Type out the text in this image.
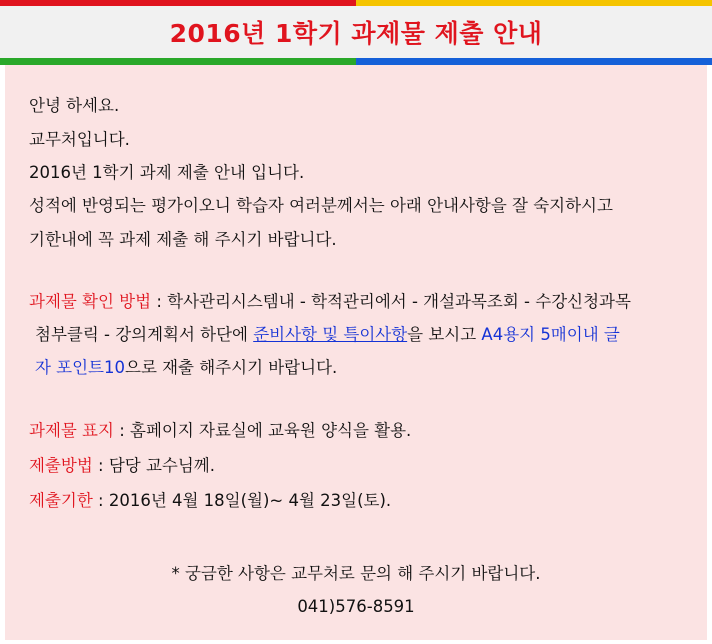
2016년 1학기 과제물 제출 안내
안녕 하세요.
교무처입니다.
2016년 1학기 과제 제출 안내 입니다.
성적에 반영되는 평가이오니 학습자 여러분께서는 아래 안내사항을 잘 숙지하시고
기한내에 꼭 과제 제출 해 주시기 바랍니다.
과제물 확인 방법 : 학사관리시스템내 - 학적관리에서 - 개설과목조회 - 수강신청과목
첨부클릭 - 강의계획서 하단에 준비사항 및 특이사항을 보시고 A4용지 5매이내 글
자 포인트10으로 재출 해주시기 바랍니다.
과제물 표지 : 홈페이지 자료실에 교육원 양식을 활용.
제출방법 : 담당 교수님께.
제출기한 : 2016년 4월 18일(월)~ 4월 23일(토).
* 궁금한 사항은 교무처로 문의 해 주시기 바랍니다.
041)576-8591
